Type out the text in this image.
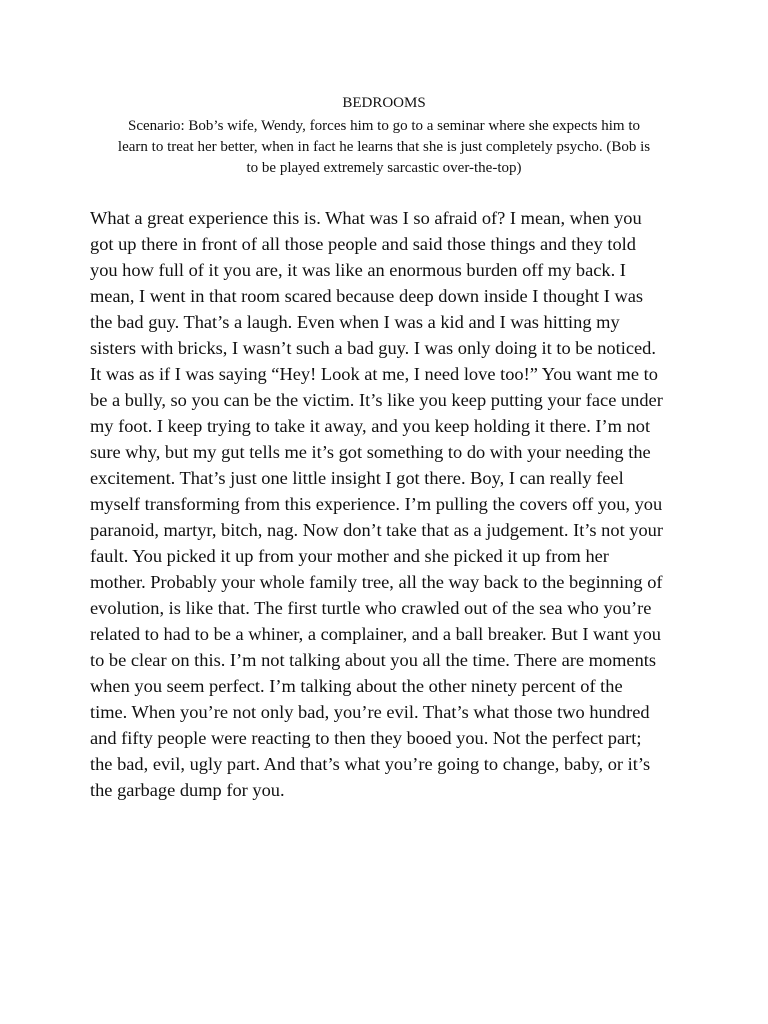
BEDROOMS
Scenario: Bob’s wife, Wendy, forces him to go to a seminar where she expects him to
learn to treat her better, when in fact he learns that she is just completely psycho. (Bob is
to be played extremely sarcastic over-the-top)
What a great experience this is. What was I so afraid of? I mean, when you
got up there in front of all those people and said those things and they told
you how full of it you are, it was like an enormous burden off my back. I
mean, I went in that room scared because deep down inside I thought I was
the bad guy. That’s a laugh. Even when I was a kid and I was hitting my
sisters with bricks, I wasn’t such a bad guy. I was only doing it to be noticed.
It was as if I was saying “Hey! Look at me, I need love too!” You want me to
be a bully, so you can be the victim. It’s like you keep putting your face under
my foot. I keep trying to take it away, and you keep holding it there. I’m not
sure why, but my gut tells me it’s got something to do with your needing the
excitement. That’s just one little insight I got there. Boy, I can really feel
myself transforming from this experience. I’m pulling the covers off you, you
paranoid, martyr, bitch, nag. Now don’t take that as a judgement. It’s not your
fault. You picked it up from your mother and she picked it up from her
mother. Probably your whole family tree, all the way back to the beginning of
evolution, is like that. The first turtle who crawled out of the sea who you’re
related to had to be a whiner, a complainer, and a ball breaker. But I want you
to be clear on this. I’m not talking about you all the time. There are moments
when you seem perfect. I’m talking about the other ninety percent of the
time. When you’re not only bad, you’re evil. That’s what those two hundred
and fifty people were reacting to then they booed you. Not the perfect part;
the bad, evil, ugly part. And that’s what you’re going to change, baby, or it’s
the garbage dump for you.
